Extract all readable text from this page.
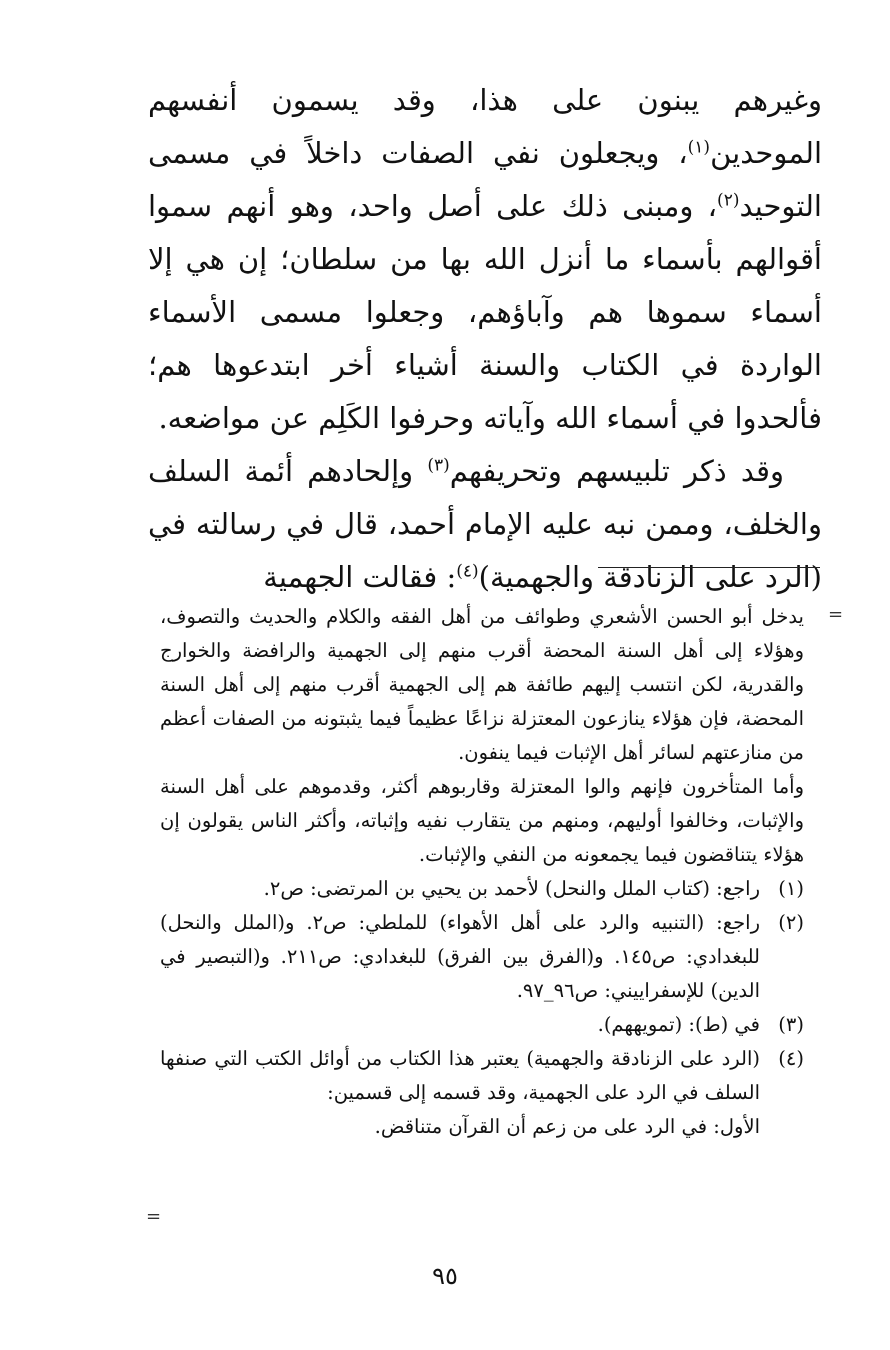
وغيرهم يبنون على هذا، وقد يسمون أنفسهم الموحدين$^{(١)}$، ويجعلون نفي الصفات داخلاً في مسمى التوحيد$^{(٢)}$، ومبنى ذلك على أصل واحد، وهو أنهم سموا أقوالهم بأسماء ما أنزل الله بها من سلطان؛ إن هي إلا أسماء سموها هم وآباؤهم، وجعلوا مسمى الأسماء الواردة في الكتاب والسنة أشياء أخر ابتدعوها هم؛ فألحدوا في أسماء الله وآياته وحرفوا الكَلِم عن مواضعه.

وقد ذكر تلبيسهم وتحريفهم$^{(٣)}$ وإلحادهم أئمة السلف والخلف، وممن نبه عليه الإمام أحمد، قال في رسالته في (الرد على الزنادقة والجهمية)$^{(٤)}$: فقالت الجهمية

=

يدخل أبو الحسن الأشعري وطوائف من أهل الفقه والكلام والحديث والتصوف، وهؤلاء إلى أهل السنة المحضة أقرب منهم إلى الجهمية والرافضة والخوارج والقدرية، لكن انتسب إليهم طائفة هم إلى الجهمية أقرب منهم إلى أهل السنة المحضة، فإن هؤلاء ينازعون المعتزلة نزاعًا عظيماً فيما يثبتونه من الصفات أعظم من منازعتهم لسائر أهل الإثبات فيما ينفون.

وأما المتأخرون فإنهم والوا المعتزلة وقاربوهم أكثر، وقدموهم على أهل السنة والإثبات، وخالفوا أوليهم، ومنهم من يتقارب نفيه وإثباته، وأكثر الناس يقولون إن هؤلاء يتناقضون فيما يجمعونه من النفي والإثبات.

(١)
راجع: (كتاب الملل والنحل) لأحمد بن يحيي بن المرتضى: ص٢.
(٢)
راجع: (التنبيه والرد على أهل الأهواء) للملطي: ص٢. و(الملل والنحل) للبغدادي: ص١٤٥. و(الفرق بين الفرق) للبغدادي: ص٢١١. و(التبصير في الدين) للإسفراييني: ص٩٦_٩٧.
(٣)
في (ط): (تمويههم).
(٤)
(الرد على الزنادقة والجهمية) يعتبر هذا الكتاب من أوائل الكتب التي صنفها السلف في الرد على الجهمية، وقد قسمه إلى قسمين:
الأول: في الرد على من زعم أن القرآن متناقض.
=
٩٥
